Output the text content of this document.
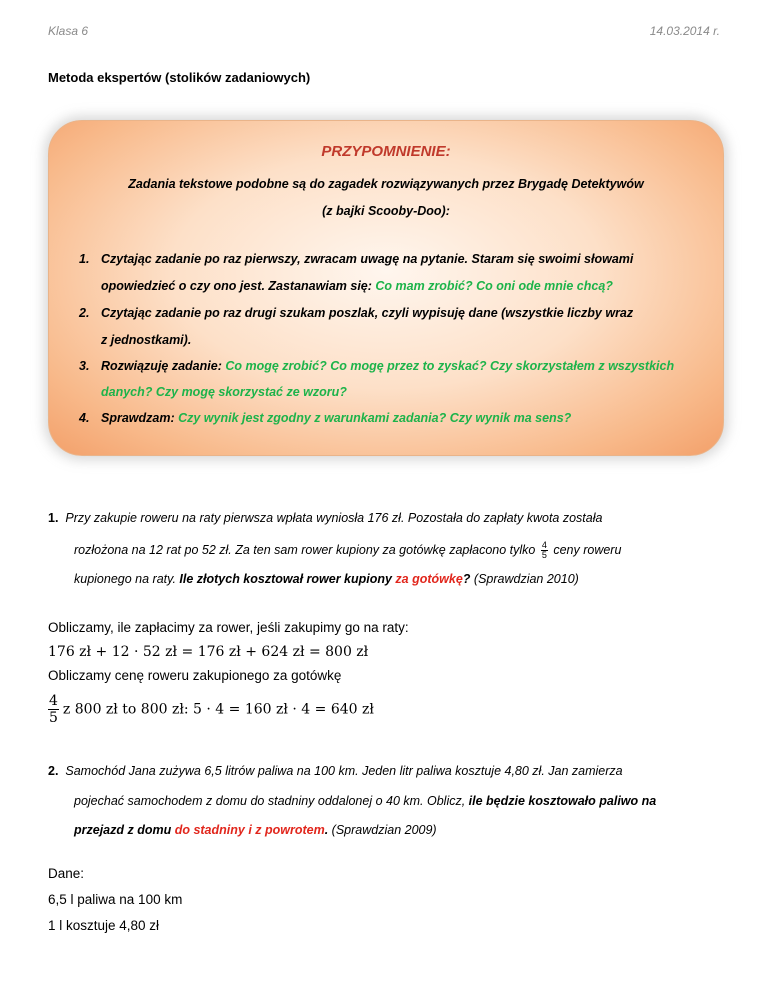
Klasa 6	14.03.2014 r.
Metoda ekspertów (stolików zadaniowych)
PRZYPOMNIENIE:
Zadania tekstowe podobne są do zagadek rozwiązywanych przez Brygadę Detektywów
(z bajki Scooby-Doo):
1. Czytając zadanie po raz pierwszy, zwracam uwagę na pytanie. Staram się swoimi słowami
opowiedzieć o czy ono jest. Zastanawiam się: Co mam zrobić? Co oni ode mnie chcą?
2. Czytając zadanie po raz drugi szukam poszlak, czyli wypisuję dane (wszystkie liczby wraz
z jednostkami).
3. Rozwiązuję zadanie: Co mogę zrobić? Co mogę przez to zyskać? Czy skorzystałem z wszystkich
danych? Czy mogę skorzystać ze wzoru?
4. Sprawdzam: Czy wynik jest zgodny z warunkami zadania? Czy wynik ma sens?
1. Przy zakupie roweru na raty pierwsza wpłata wyniosła 176 zł. Pozostała do zapłaty kwota została
rozłożona na 12 rat po 52 zł. Za ten sam rower kupiony za gotówkę zapłacono tylko $\frac{4}{5}$ ceny roweru
kupionego na raty. Ile złotych kosztował rower kupiony za gotówkę? (Sprawdzian 2010)
Obliczamy, ile zapłacimy za rower, jeśli zakupimy go na raty:
176 zł + 12 · 52 zł = 176 zł + 624 zł = 800 zł
Obliczamy cenę roweru zakupionego za gotówkę
$\frac{4}{5}$ z 800 zł to 800 zł: 5 · 4 = 160 zł · 4 = 640 zł
2. Samochód Jana zużywa 6,5 litrów paliwa na 100 km. Jeden litr paliwa kosztuje 4,80 zł. Jan zamierza
pojechać samochodem z domu do stadniny oddalonej o 40 km. Oblicz, ile będzie kosztowało paliwo na
przejazd z domu do stadniny i z powrotem. (Sprawdzian 2009)
Dane:
6,5 l paliwa na 100 km
1 l kosztuje 4,80 zł
